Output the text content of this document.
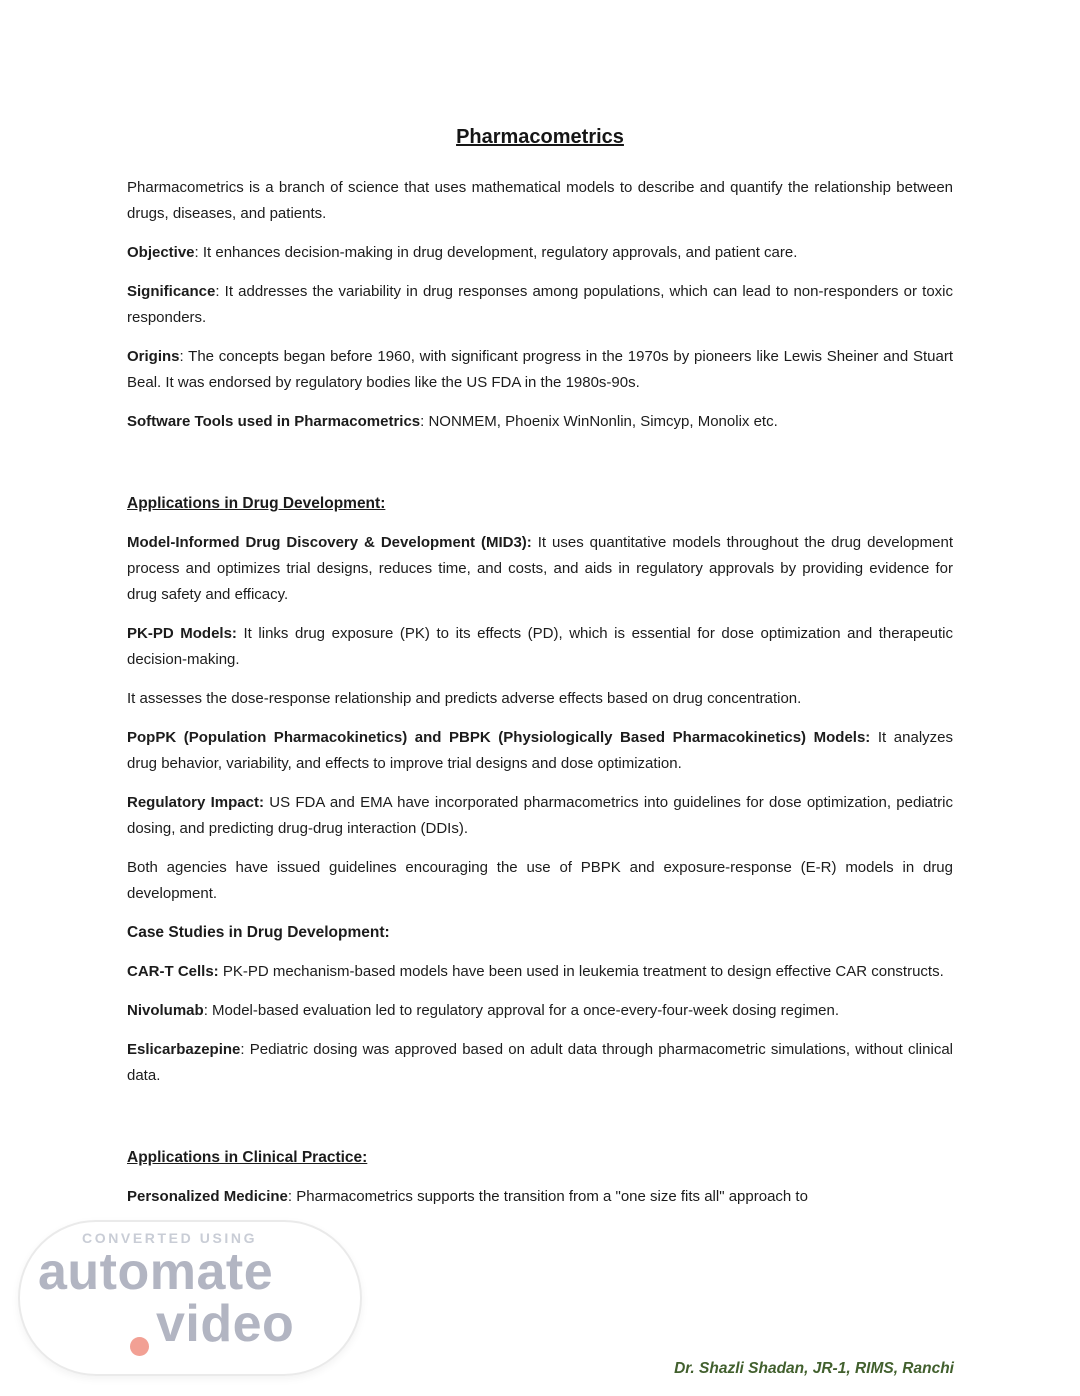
CONVERTED USING
automate
video
Pharmacometrics

Pharmacometrics is a branch of science that uses mathematical models to describe and quantify the relationship between drugs, diseases, and patients.

Objective: It enhances decision-making in drug development, regulatory approvals, and patient care.

Significance: It addresses the variability in drug responses among populations, which can lead to non-responders or toxic responders.

Origins: The concepts began before 1960, with significant progress in the 1970s by pioneers like Lewis Sheiner and Stuart Beal. It was endorsed by regulatory bodies like the US FDA in the 1980s-90s.

Software Tools used in Pharmacometrics: NONMEM, Phoenix WinNonlin, Simcyp, Monolix etc.

Applications in Drug Development:

Model-Informed Drug Discovery & Development (MID3): It uses quantitative models throughout the drug development process and optimizes trial designs, reduces time, and costs, and aids in regulatory approvals by providing evidence for drug safety and efficacy.

PK-PD Models: It links drug exposure (PK) to its effects (PD), which is essential for dose optimization and therapeutic decision-making.

It assesses the dose-response relationship and predicts adverse effects based on drug concentration.

PopPK (Population Pharmacokinetics) and PBPK (Physiologically Based Pharmacokinetics) Models: It analyzes drug behavior, variability, and effects to improve trial designs and dose optimization.

Regulatory Impact: US FDA and EMA have incorporated pharmacometrics into guidelines for dose optimization, pediatric dosing, and predicting drug-drug interaction (DDIs).

Both agencies have issued guidelines encouraging the use of PBPK and exposure-response (E-R) models in drug development.

Case Studies in Drug Development:

CAR-T Cells: PK-PD mechanism-based models have been used in leukemia treatment to design effective CAR constructs.

Nivolumab: Model-based evaluation led to regulatory approval for a once-every-four-week dosing regimen.

Eslicarbazepine: Pediatric dosing was approved based on adult data through pharmacometric simulations, without clinical data.

Applications in Clinical Practice:

Personalized Medicine: Pharmacometrics supports the transition from a "one size fits all" approach to

Dr. Shazli Shadan, JR-1, RIMS, Ranchi
